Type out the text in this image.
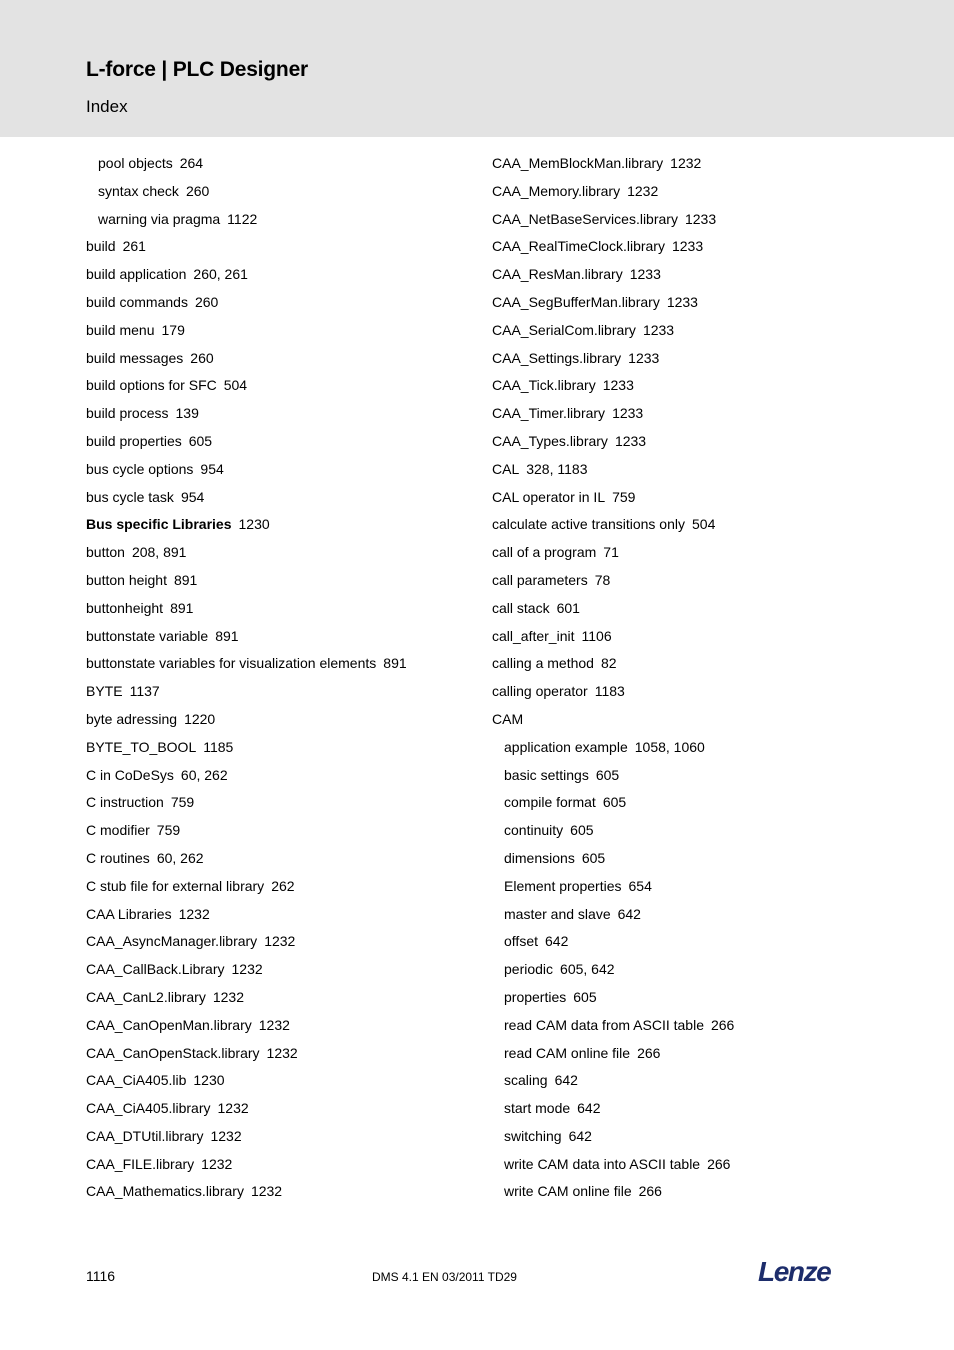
L-force | PLC Designer
Index
pool objects 264
syntax check 260
warning via pragma 1122
build 261
build application 260, 261
build commands 260
build menu 179
build messages 260
build options for SFC 504
build process 139
build properties 605
bus cycle options 954
bus cycle task 954
Bus specific Libraries 1230
button 208, 891
button height 891
buttonheight 891
buttonstate variable 891
buttonstate variables for visualization elements 891
BYTE 1137
byte adressing 1220
BYTE_TO_BOOL 1185
C in CoDeSys 60, 262
C instruction 759
C modifier 759
C routines 60, 262
C stub file for external library 262
CAA Libraries 1232
CAA_AsyncManager.library 1232
CAA_CallBack.Library 1232
CAA_CanL2.library 1232
CAA_CanOpenMan.library 1232
CAA_CanOpenStack.library 1232
CAA_CiA405.lib 1230
CAA_CiA405.library 1232
CAA_DTUtil.library 1232
CAA_FILE.library 1232
CAA_Mathematics.library 1232
CAA_MemBlockMan.library 1232
CAA_Memory.library 1232
CAA_NetBaseServices.library 1233
CAA_RealTimeClock.library 1233
CAA_ResMan.library 1233
CAA_SegBufferMan.library 1233
CAA_SerialCom.library 1233
CAA_Settings.library 1233
CAA_Tick.library 1233
CAA_Timer.library 1233
CAA_Types.library 1233
CAL 328, 1183
CAL operator in IL 759
calculate active transitions only 504
call of a program 71
call parameters 78
call stack 601
call_after_init 1106
calling a method 82
calling operator 1183
CAM
application example 1058, 1060
basic settings 605
compile format 605
continuity 605
dimensions 605
Element properties 654
master and slave 642
offset 642
periodic 605, 642
properties 605
read CAM data from ASCII table 266
read CAM online file 266
scaling 642
start mode 642
switching 642
write CAM data into ASCII table 266
write CAM online file 266
1116	DMS 4.1 EN 03/2011 TD29	Lenze
